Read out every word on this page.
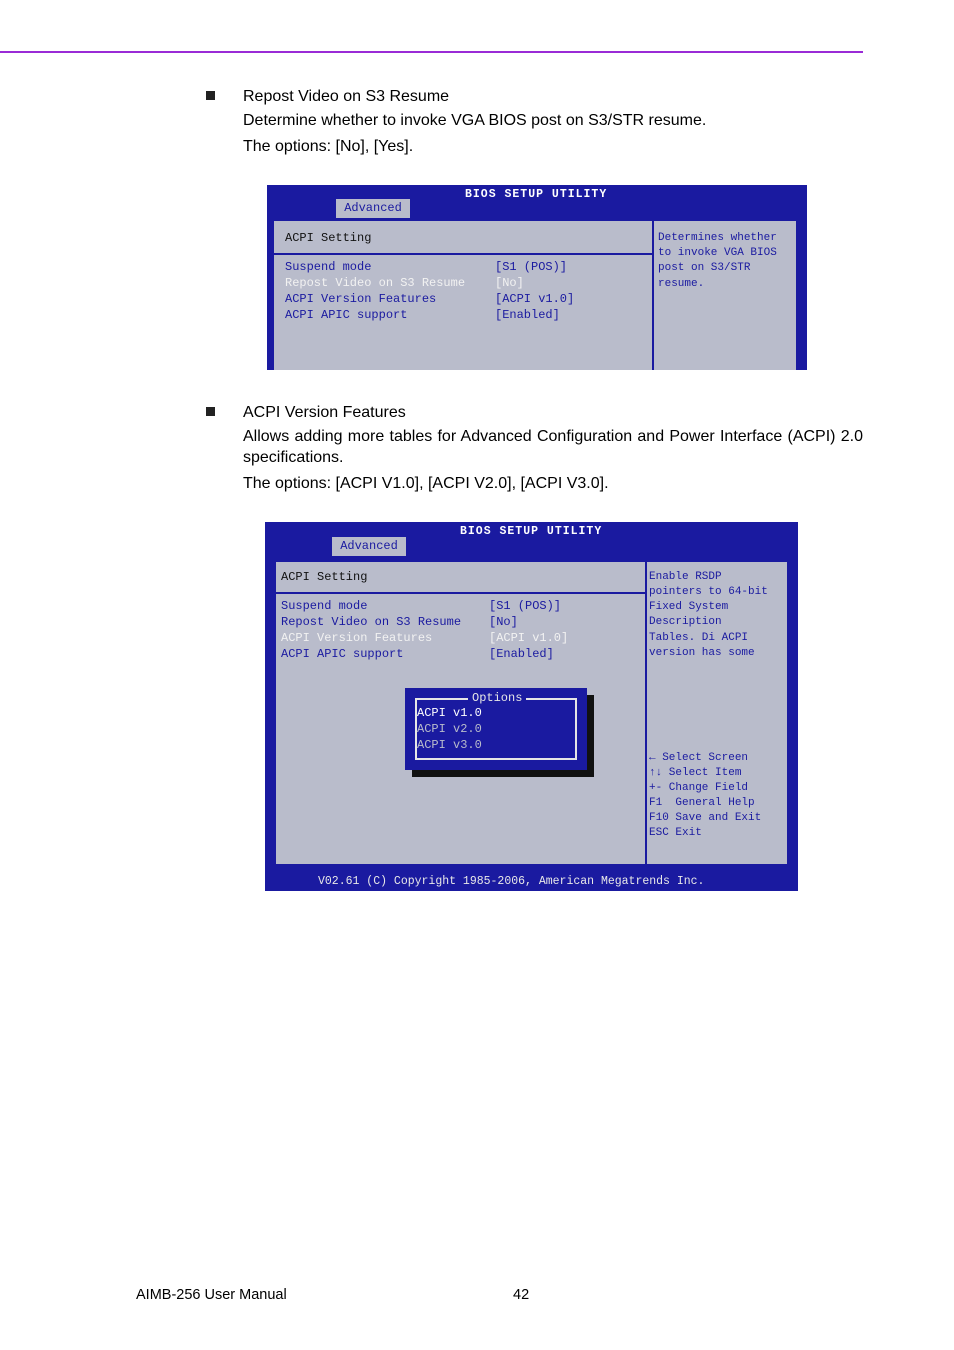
Repost Video on S3 Resume

Determine whether to invoke VGA BIOS post on S3/STR resume.

The options: [No], [Yes].

BIOS SETUP UTILITY
Advanced
ACPI Setting
Suspend mode	[S1 (POS)]
Repost Video on S3 Resume [No]
ACPI Version Features	[ACPI v1.0]
ACPI APIC support	[Enabled]
Determines whether
to invoke VGA BIOS
post on S3/STR
resume.

ACPI Version Features

Allows adding more tables for Advanced Configuration and Power Interface (ACPI) 2.0 specifications.

The options: [ACPI V1.0], [ACPI V2.0], [ACPI V3.0].

BIOS SETUP UTILITY
Advanced
ACPI Setting
Suspend mode	[S1 (POS)]
Repost Video on S3 Resume [No]
ACPI Version Features	[ACPI v1.0]
ACPI APIC support	[Enabled]
Enable RSDP
pointers to 64-bit
Fixed System
Description
Tables. Di ACPI
version has some
← Select Screen
↑↓ Select Item
+- Change Field
F1  General Help
F10 Save and Exit
ESC Exit
Options
ACPI v1.0
ACPI v2.0
ACPI v3.0
V02.61 (C) Copyright 1985-2006, American Megatrends Inc.
AIMB-256 User Manual	42
